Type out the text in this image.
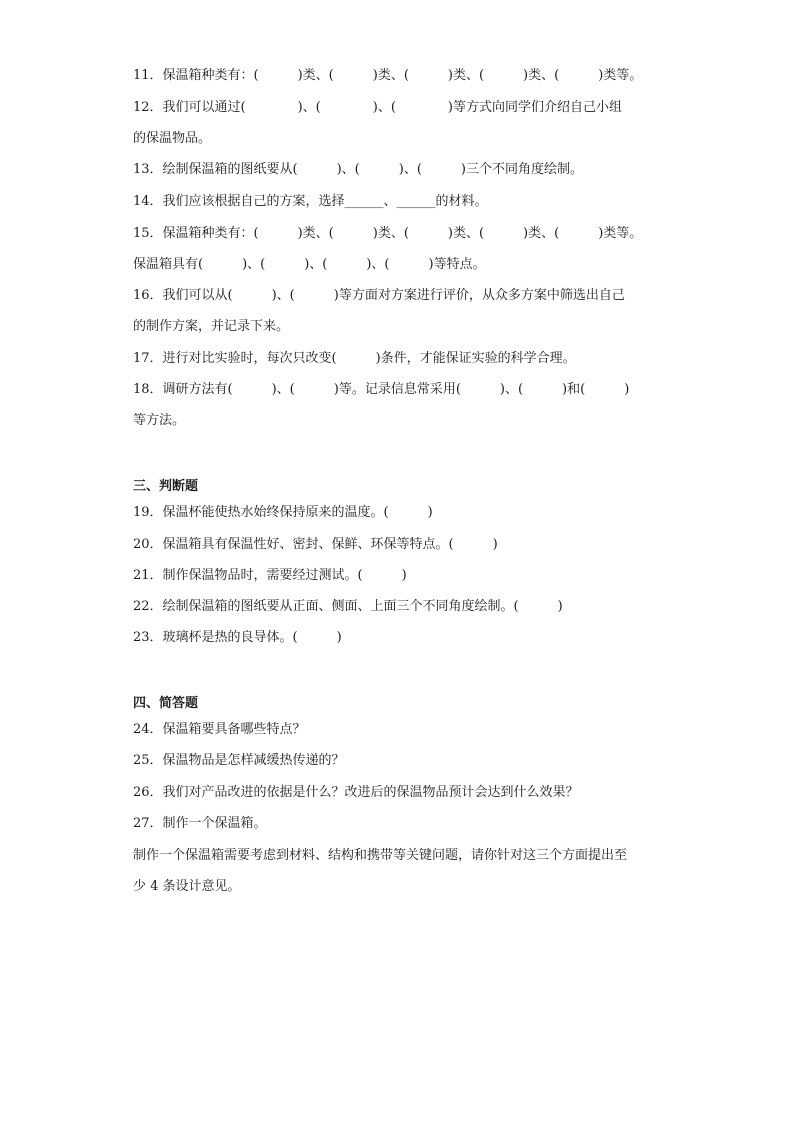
11．保温箱种类有：(　　　)类、(　　　)类、(　　　)类、(　　　)类、(　　　)类等。
12．我们可以通过(　　　　)、(　　　　)、(　　　　)等方式向同学们介绍自己小组
的保温物品。
13．绘制保温箱的图纸要从(　　　)、(　　　)、(　　　)三个不同角度绘制。
14．我们应该根据自己的方案，选择______、______的材料。
15．保温箱种类有：(　　　)类、(　　　)类、(　　　)类、(　　　)类、(　　　)类等。
保温箱具有(　　　)、(　　　)、(　　　)、(　　　)等特点。
16．我们可以从(　　　)、(　　　)等方面对方案进行评价，从众多方案中筛选出自己
的制作方案，并记录下来。
17．进行对比实验时，每次只改变(　　　)条件，才能保证实验的科学合理。
18．调研方法有(　　　)、(　　　)等。记录信息常采用(　　　)、(　　　)和(　　　)
等方法。
三、判断题
19．保温杯能使热水始终保持原来的温度。(　　　)
20．保温箱具有保温性好、密封、保鲜、环保等特点。(　　　)
21．制作保温物品时，需要经过测试。(　　　)
22．绘制保温箱的图纸要从正面、侧面、上面三个不同角度绘制。(　　　)
23．玻璃杯是热的良导体。(　　　)
四、简答题
24．保温箱要具备哪些特点？
25．保温物品是怎样减缓热传递的？
26．我们对产品改进的依据是什么？改进后的保温物品预计会达到什么效果？
27．制作一个保温箱。
制作一个保温箱需要考虑到材料、结构和携带等关键问题，请你针对这三个方面提出至
少 4 条设计意见。
